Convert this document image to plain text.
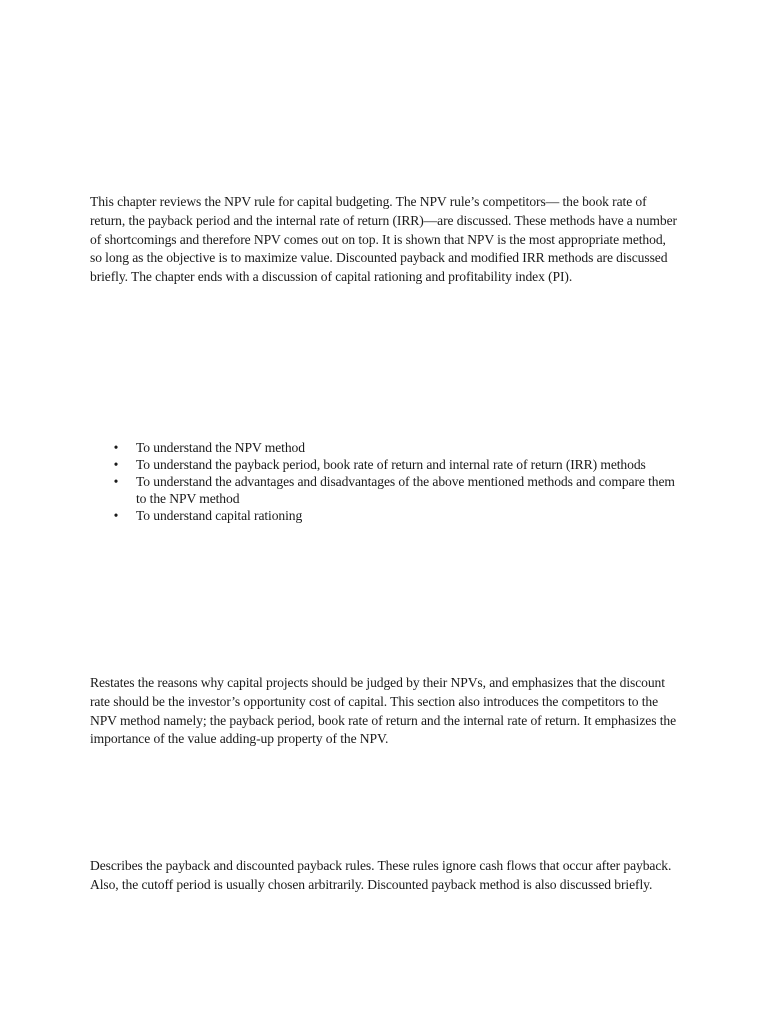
This chapter reviews the NPV rule for capital budgeting. The NPV rule’s competitors— the book rate of return, the payback period and the internal rate of return (IRR)—are discussed. These methods have a number of shortcomings and therefore NPV comes out on top. It is shown that NPV is the most appropriate method, so long as the objective is to maximize value. Discounted payback and modified IRR methods are discussed briefly. The chapter ends with a discussion of capital rationing and profitability index (PI).

• To understand the NPV method
• To understand the payback period, book rate of return and internal rate of return (IRR) methods
• To understand the advantages and disadvantages of the above mentioned methods and compare them to the NPV method
• To understand capital rationing

Restates the reasons why capital projects should be judged by their NPVs, and emphasizes that the discount rate should be the investor’s opportunity cost of capital. This section also introduces the competitors to the NPV method namely; the payback period, book rate of return and the internal rate of return. It emphasizes the importance of the value adding-up property of the NPV.

Describes the payback and discounted payback rules. These rules ignore cash flows that occur after payback. Also, the cutoff period is usually chosen arbitrarily. Discounted payback method is also discussed briefly.
